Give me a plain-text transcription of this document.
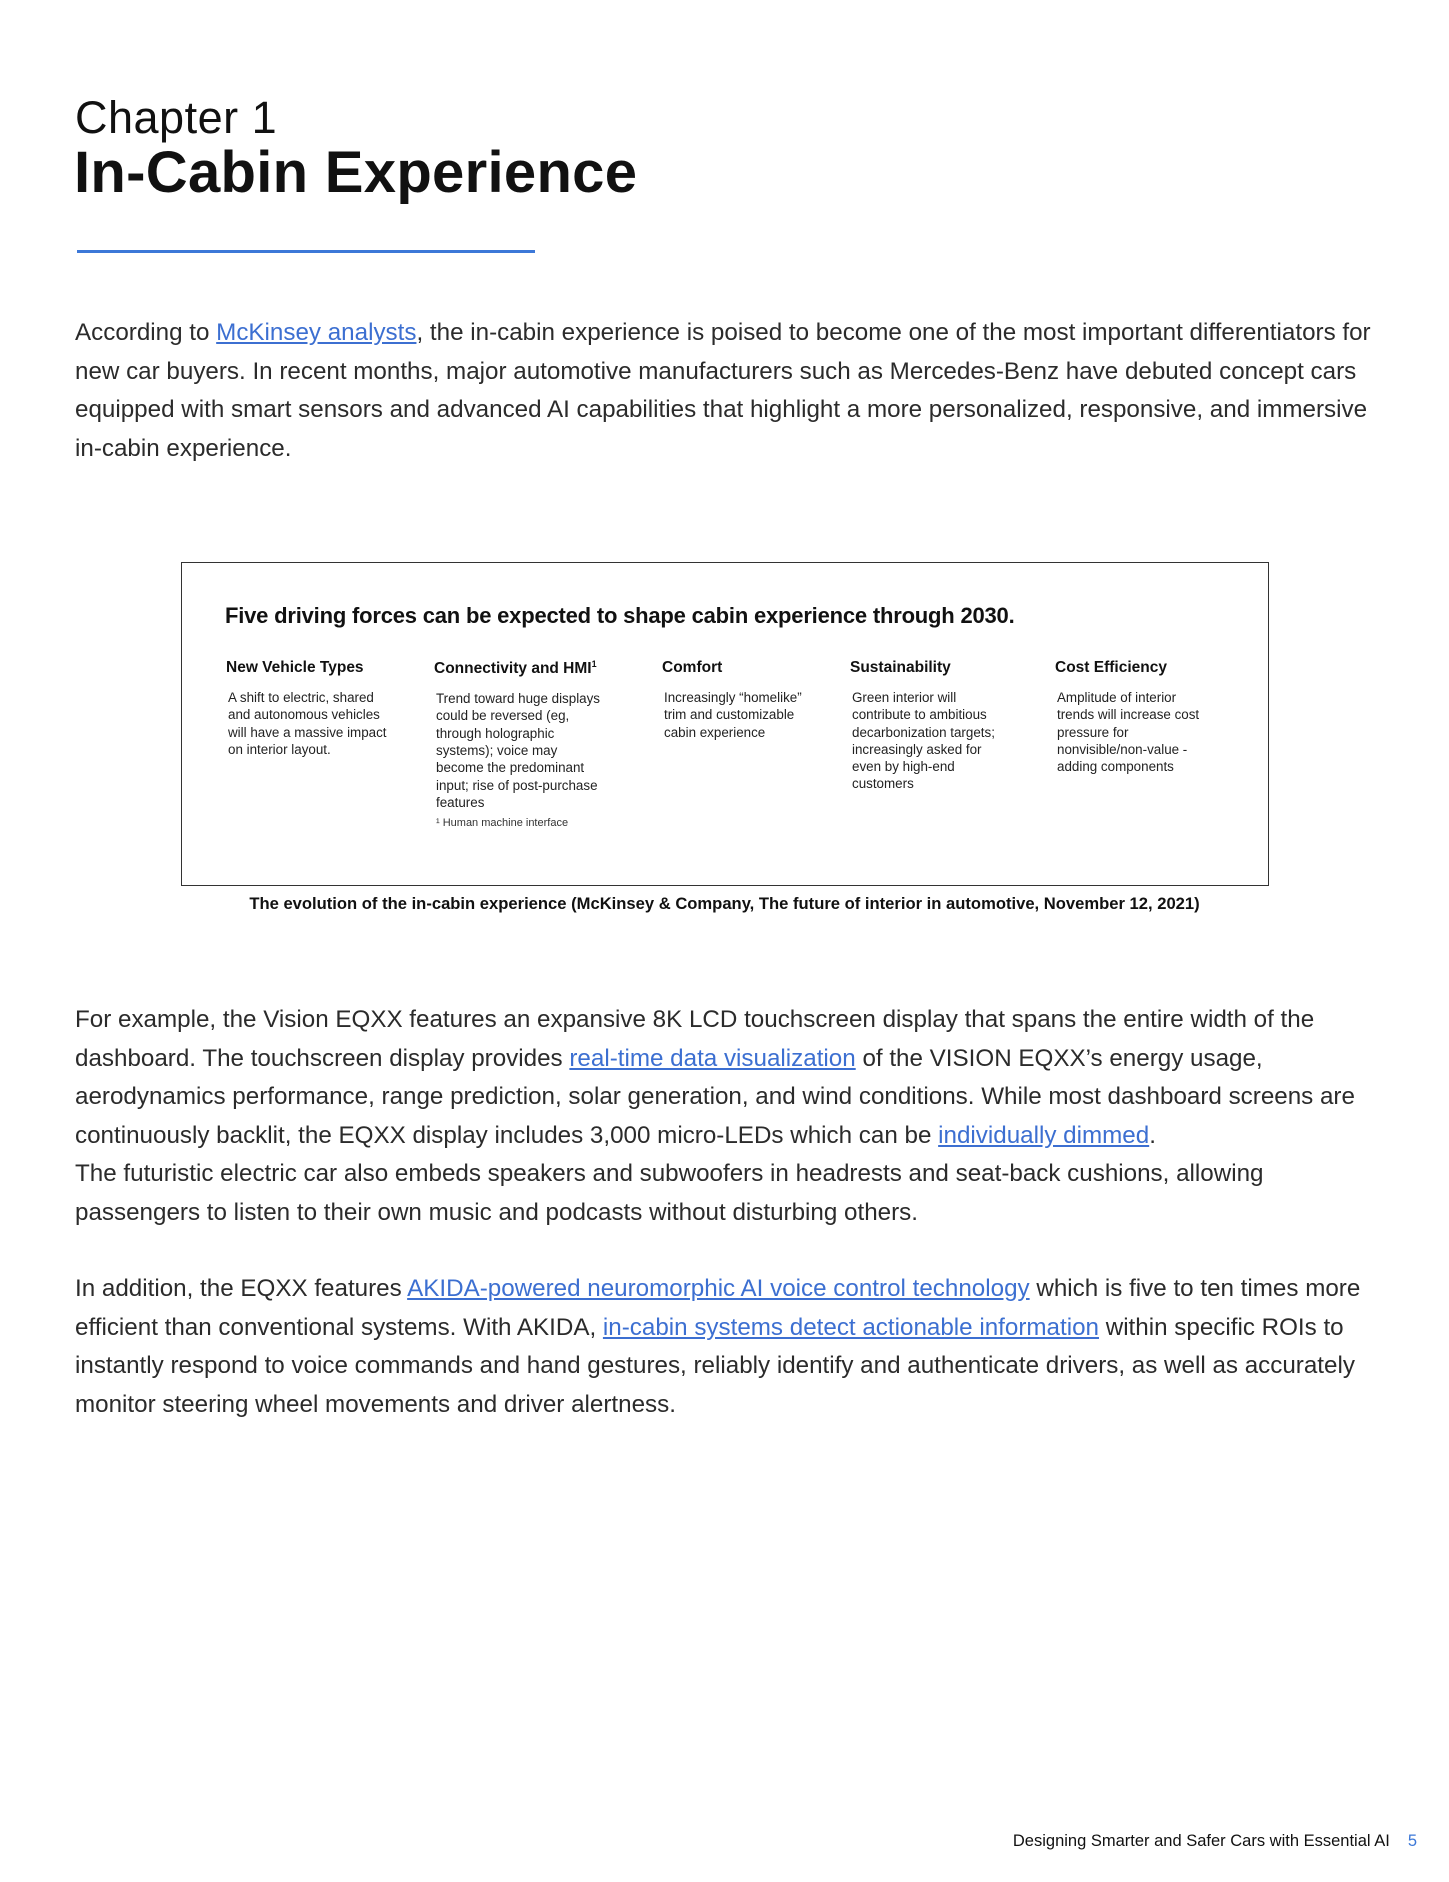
Chapter 1
In-Cabin Experience

According to McKinsey analysts, the in-cabin experience is poised to become one of the most important differentiators for new car buyers. In recent months, major automotive manufacturers such as Mercedes-Benz have debuted concept cars equipped with smart sensors and advanced AI capabilities that highlight a more personalized, responsive, and immersive in-cabin experience.

Five driving forces can be expected to shape cabin experience through 2030.
New Vehicle Types
A shift to electric, shared and autonomous vehicles will have a massive impact on interior layout.
Connectivity and HMI$^1$
Trend toward huge displays could be reversed (eg, through holographic systems); voice may become the predominant input; rise of post-purchase features
¹ Human machine interface
Comfort
Increasingly “homelike” trim and customizable cabin experience
Sustainability
Green interior will contribute to ambitious decarbonization targets; increasingly asked for even by high-end customers
Cost Efficiency
Amplitude of interior trends will increase cost pressure for nonvisible/non-value -adding components
The evolution of the in-cabin experience (McKinsey & Company, The future of interior in automotive, November 12, 2021)

For example, the Vision EQXX features an expansive 8K LCD touchscreen display that spans the entire width of the dashboard. The touchscreen display provides real-time data visualization of the VISION EQXX’s energy usage, aerodynamics performance, range prediction, solar generation, and wind conditions. While most dashboard screens are continuously backlit, the EQXX display includes 3,000 micro-LEDs which can be individually dimmed.
The futuristic electric car also embeds speakers and subwoofers in headrests and seat-back cushions, allowing passengers to listen to their own music and podcasts without disturbing others.

In addition, the EQXX features AKIDA-powered neuromorphic AI voice control technology which is five to ten times more efficient than conventional systems. With AKIDA, in-cabin systems detect actionable information within specific ROIs to instantly respond to voice commands and hand gestures, reliably identify and authenticate drivers, as well as accurately monitor steering wheel movements and driver alertness.

Designing Smarter and Safer Cars with Essential AI 5
